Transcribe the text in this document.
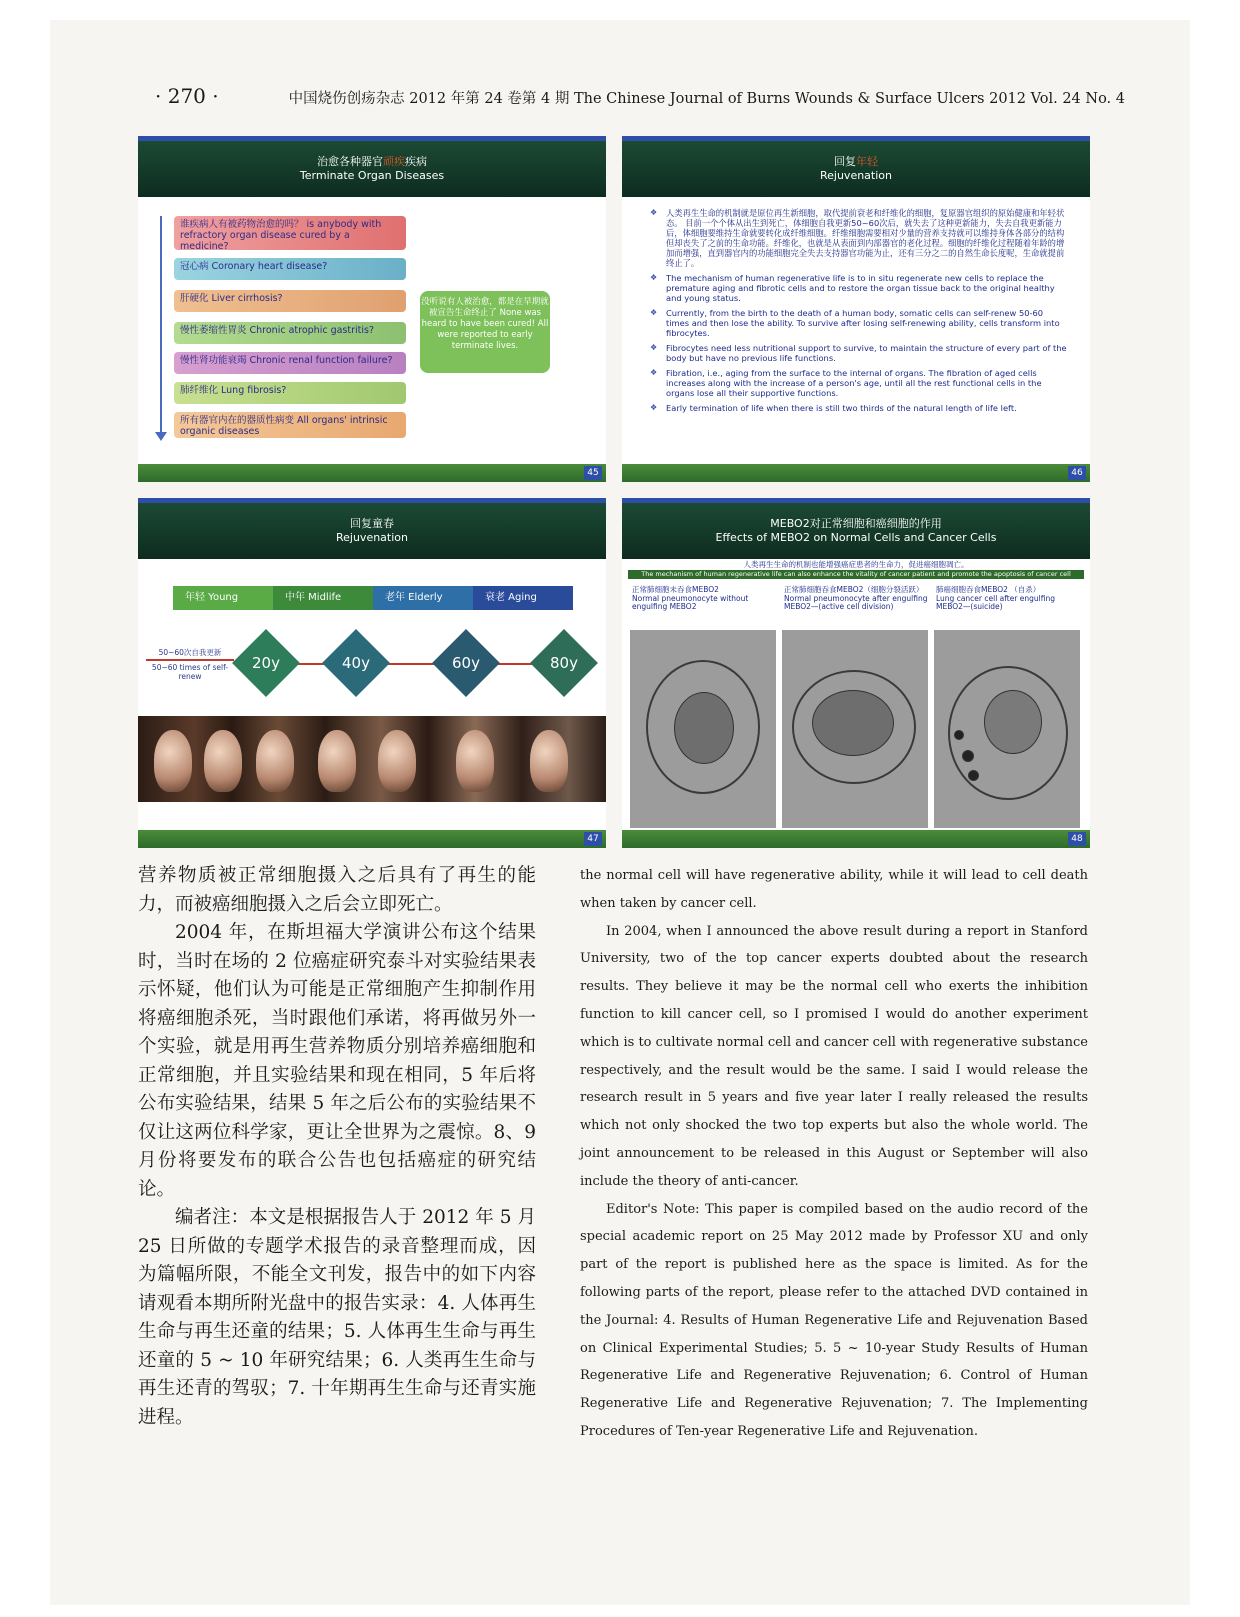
· 270 ·	中国烧伤创疡杂志 2012 年第 24 卷第 4 期 The Chinese Journal of Burns Wounds & Surface Ulcers 2012 Vol. 24 No. 4
治愈各种器官顽疾疾病
Terminate Organ Diseases
谁疾病人有被药物治愈的吗？ is anybody with refractory organ disease cured by a medicine?
冠心病 Coronary heart disease?
肝硬化 Liver cirrhosis?
慢性萎缩性胃炎 Chronic atrophic gastritis?
慢性肾功能衰竭 Chronic renal function failure?
肺纤维化 Lung fibrosis?
所有器官内在的器质性病变 All organs' intrinsic organic diseases
没听说有人被治愈，都是在早期就被宣告生命终止了 None was heard to have been cured! All were reported to early terminate lives.
45
回复年轻
Rejuvenation
❖ 人类再生生命的机制就是原位再生新细胞，取代提前衰老和纤维化的细胞，复原器官组织的原始健康和年轻状态。 目前一个个体从出生到死亡，体细胞自我更新50~60次后，就失去了这种更新能力，失去自我更新能力后，体细胞要维持生命就要转化成纤维细胞。纤维细胞需要相对少量的营养支持就可以维持身体各部分的结构但却丧失了之前的生命功能。纤维化，也就是从表面到内部器官的老化过程。细胞的纤维化过程随着年龄的增加而增强，直到器官内的功能细胞完全失去支持器官功能为止，还有三分之二的自然生命长度呢，生命就提前终止了。
❖ The mechanism of human regenerative life is to in situ regenerate new cells to replace the premature aging and fibrotic cells and to restore the organ tissue back to the original healthy and young status.
❖ Currently, from the birth to the death of a human body, somatic cells can self-renew 50-60 times and then lose the ability. To survive after losing self-renewing ability, cells transform into fibrocytes.
❖ Fibrocytes need less nutritional support to survive, to maintain the structure of every part of the body but have no previous life functions.
❖ Fibration, i.e., aging from the surface to the internal of organs. The fibration of aged cells increases along with the increase of a person's age, until all the rest functional cells in the organs lose all their supportive functions.
❖ Early termination of life when there is still two thirds of the natural length of life left.
46
回复童春
Rejuvenation
年轻 Young	中年 Midlife	老年 Elderly	衰老 Aging
50~60次自我更新
50~60 times of self-renew
20y	40y	60y	80y
47
MEBO2对正常细胞和癌细胞的作用
Effects of MEBO2 on Normal Cells and Cancer Cells
人类再生生命的机制也能增强癌症患者的生命力，促进癌细胞凋亡。
The mechanism of human regenerative life can also enhance the vitality of cancer patient and promote the apoptosis of cancer cell
正常肺细胞未吞食MEBO2
Normal pneumonocyte without engulfing MEBO2
正常肺细胞吞食MEBO2（细胞分裂活跃）
Normal pneumonocyte after engulfing MEBO2—(active cell division)
肺癌细胞吞食MEBO2 （自杀）
Lung cancer cell after engulfing MEBO2—(suicide)
48

营养物质被正常细胞摄入之后具有了再生的能力，而被癌细胞摄入之后会立即死亡。

2004 年，在斯坦福大学演讲公布这个结果时，当时在场的 2 位癌症研究泰斗对实验结果表示怀疑，他们认为可能是正常细胞产生抑制作用将癌细胞杀死，当时跟他们承诺，将再做另外一个实验，就是用再生营养物质分别培养癌细胞和正常细胞，并且实验结果和现在相同，5 年后将公布实验结果，结果 5 年之后公布的实验结果不仅让这两位科学家，更让全世界为之震惊。8、9 月份将要发布的联合公告也包括癌症的研究结论。

编者注：本文是根据报告人于 2012 年 5 月 25 日所做的专题学术报告的录音整理而成，因为篇幅所限，不能全文刊发，报告中的如下内容请观看本期所附光盘中的报告实录：4. 人体再生生命与再生还童的结果；5. 人体再生生命与再生还童的 5 ~ 10 年研究结果；6. 人类再生生命与再生还青的驾驭；7. 十年期再生生命与还青实施进程。

the normal cell will have regenerative ability, while it will lead to cell death when taken by cancer cell.

In 2004, when I announced the above result during a report in Stanford University, two of the top cancer experts doubted about the research results. They believe it may be the normal cell who exerts the inhibition function to kill cancer cell, so I promised I would do another experiment which is to cultivate normal cell and cancer cell with regenerative substance respectively, and the result would be the same. I said I would release the research result in 5 years and five year later I really released the results which not only shocked the two top experts but also the whole world. The joint announcement to be released in this August or September will also include the theory of anti-cancer.

Editor's Note: This paper is compiled based on the audio record of the special academic report on 25 May 2012 made by Professor XU and only part of the report is published here as the space is limited. As for the following parts of the report, please refer to the attached DVD contained in the Journal: 4. Results of Human Regenerative Life and Rejuvenation Based on Clinical Experimental Studies; 5. 5 ~ 10-year Study Results of Human Regenerative Life and Regenerative Rejuvenation; 6. Control of Human Regenerative Life and Regenerative Rejuvenation; 7. The Implementing Procedures of Ten-year Regenerative Life and Rejuvenation.
